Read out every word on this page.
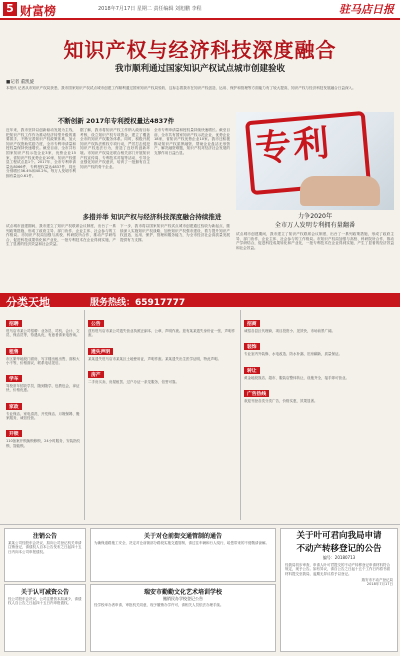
5 财富榜	2018年7月17日 星期二 责任编辑 刘旭鹏 李程	驻马店日报
知识产权与经济科技深度融合
我市顺利通过国家知识产权试点城市创建验收
■记者 董凯旋
本报讯 记者从市知识产权局获悉，我市国家知识产权试点城市创建工作顺利通过国家知识产权局验收，这标志着我市在知识产权创造、运用、保护和管理等方面能力有了较大提高，知识产权与经济科技发展融合日益深入。
不断创新 2017年专利授权量达4837件
近年来，我市坚持以创新驱动发展为主线，把知识产权工作作为推动经济转型升级的重要抓手，不断完善知识产权政策体系，加大知识产权资助奖励力度，全市专利申请量和授权量保持快速增长。截至目前，全市共有国家知识产权示范企业3家、优势企业15家，省知识产权优势企业10家，知识产权强县工程试点县1个。2017年，全市专利申请量达8066件，专利授权量达4837件，同比分别增长36.4%和40.2%。每万人发明专利拥有量达0.61件。
据了解，我市将知识产权工作纳入政府目标考核，设立知识产权专项资金，建立了覆盖全市的知识产权服务体系。同时，积极开展知识产权执法维权专项行动，严厉打击侵犯知识产权违法行为，营造了良好的创新环境。市知识产权局还联合相关部门开展知识产权宣传周、专利技术对接等活动，引导企业强化知识产权意识，培育了一批拥有自主知识产权的骨干企业。
全市专利申请量和授权量持续快速增长。截至目前，全市共有国家知识产权示范企业、优势企业18家，省知识产权优势企业10家。我市还积极推动知识产权质押融资，帮助企业盘活无形资产，解决融资难题，知识产权对经济社会发展的支撑作用日益凸显。
多措并举 知识产权与经济科技深度融合持续推进
试点城市创建期间，我市建立了知识产权联席会议制度，出台了一系列政策措施，形成了政府主导、部门协作、企业主体、社会参与的工作格局。市知识产权局加强与高校、科研院所合作，推动产学研结合，促进科技成果转化和产业化，一批专利技术在企业得到实施，产生了显著的经济效益和社会效益。
下一步，我市将以国家知识产权试点城市创建通过验收为新起点，继续深入实施知识产权战略，加快知识产权强市建设，着力提升知识产权创造、运用、保护、管理和服务能力，为全市经济社会高质量发展提供有力支撑。
专利
力争2020年
全市万人发明专利拥有量翻番
试点城市创建期间，我市建立了知识产权联席会议制度，出台了一系列政策措施，形成了政府主导、部门协作、企业主体、社会参与的工作格局。市知识产权局加强与高校、科研院所合作，推动产学研结合，促进科技成果转化和产业化，一批专利技术在企业得到实施，产生了显著的经济效益和社会效益。
分类天地	服务热线：65917777
招聘
驻马店市某公司招聘：业务员、司机、会计、文员、保洁员等，待遇从优，有意者请来电咨询。
租售
市区繁华地段门面房、写字楼出租出售，面积大小不等，价格面议，联系电话见后。
学车
驾校常年招收学员，随到随学，包教包会，拿证快，价格优惠。
家政
专业保洁、家电清洗、开荒保洁、月嫂保姆、搬家服务，诚信经营。
开锁
110备案开锁换锁修锁，24小时服务，安装指纹锁、智能锁。
公告
兹有驻马店市某公司遗失营业执照正副本、公章，声明作废。兹有某某遗失身份证一张，声明作废。
遗失声明
某某遗失驻马店市某某区土地使用证，声明作废。某某遗失出生医学证明，特此声明。
房产
二手房买卖、房屋租赁、过户办证一条龙服务，信誉可靠。
招商
诚招各县区代理商，项目投资小、见效快，市场前景广阔。
装饰
专业室内外装修、水电改造、防水补漏、旧房翻新，质量保证。
转让
黄金地段饭店、超市、服装店整体转让，设施齐全，接手即可营业。
广告热线
欢迎刊登各类分类广告，价格实惠，效果显著。
注销公告
某某公司经股东会决议，拟向公司登记机关申请注销登记，请债权人自本公告发布之日起四十五日内向本公司申报债权。
关于认可减资公告
经公司股东会决议，公司注册资本拟减少，请债权人自公告之日起四十五日内申报债权。
关于对仓前街交通管制的通告
为确保道路施工安全，决定对仓前街部分路段实施交通管制，请过往车辆和行人绕行，给您带来的不便敬请谅解。
瑞安市勤勤文化艺术培训学校
撤销民办学校登记公告
经学校举办者申请，审批机关同意，现予撤销办学许可，请相关人员依法办理手续。
关于叶可君向我局申请
不动产转移登记的公告
编号：20180713
经我局初步审查，申请人叶可君提交的不动产转移登记申请材料符合规定，现予公告。如有异议，请自公告之日起十五个工作日内将书面材料提交至我局，逾期无异议将予以登记。
瑞安市不动产登记局
2018年7月17日
